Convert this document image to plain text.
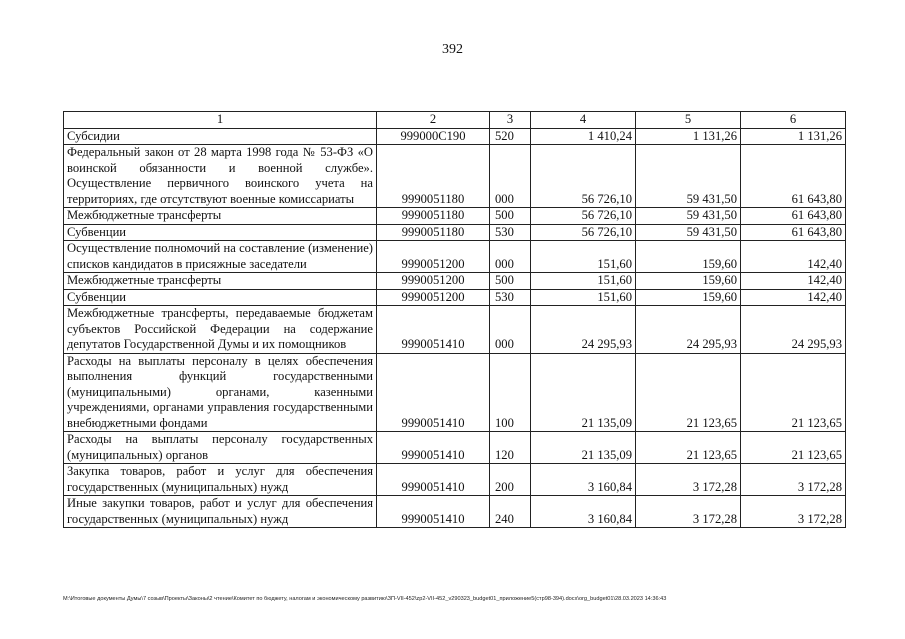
392
1	2	3	4	5	6
Субсидии	999000С190	520	1 410,24	1 131,26	1 131,26
Федеральный закон от 28 марта 1998 года № 53-ФЗ «О воинской обязанности и военной службе». Осуществление первичного воинского учета на территориях, где отсутствуют военные комиссариаты	9990051180	000	56 726,10	59 431,50	61 643,80
Межбюджетные трансферты	9990051180	500	56 726,10	59 431,50	61 643,80
Субвенции	9990051180	530	56 726,10	59 431,50	61 643,80
Осуществление полномочий на составление (изменение) списков кандидатов в присяжные заседатели	9990051200	000	151,60	159,60	142,40
Межбюджетные трансферты	9990051200	500	151,60	159,60	142,40
Субвенции	9990051200	530	151,60	159,60	142,40
Межбюджетные трансферты, передаваемые бюджетам субъектов Российской Федерации на содержание депутатов Государственной Думы и их помощников	9990051410	000	24 295,93	24 295,93	24 295,93
Расходы на выплаты персоналу в целях обеспечения выполнения функций государственными (муниципальными) органами, казенными учреждениями, органами управления государственными внебюджетными фондами	9990051410	100	21 135,09	21 123,65	21 123,65
Расходы на выплаты персоналу государственных (муниципальных) органов	9990051410	120	21 135,09	21 123,65	21 123,65
Закупка товаров, работ и услуг для обеспечения государственных (муниципальных) нужд	9990051410	200	3 160,84	3 172,28	3 172,28
Иные закупки товаров, работ и услуг для обеспечения государственных (муниципальных) нужд	9990051410	240	3 160,84	3 172,28	3 172,28
M:\Итоговые документы Думы\7 созыв\Проекты\Законы\2 чтение\Комитет по бюджету, налогам и экономическому развитию\ЗП-VII-452\zp2-VII-452_v290323_budget01_приложение5(стр98-394).docx\org_budget01\28.03.2023 14:36:43
